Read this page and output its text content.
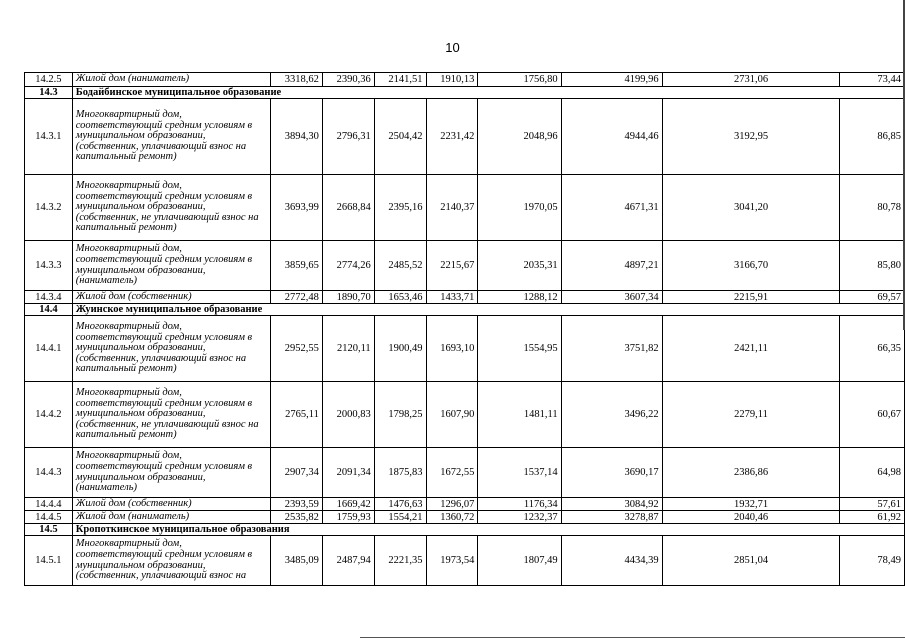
10
14.2.5	Жилой дом (наниматель)	3318,62	2390,36	2141,51	1910,13	1756,80	4199,96	2731,06	73,44
14.3	Бодайбинское муниципальное образование								
14.3.1	Многоквартирный дом, соответствующий средним условиям в муниципальном образовании, (собственник, уплачивающий взнос на капитальный ремонт)	3894,30	2796,31	2504,42	2231,42	2048,96	4944,46	3192,95	86,85
14.3.2	Многоквартирный дом, соответствующий средним условиям в муниципальном образовании, (собственник, не уплачивающий взнос на капитальный ремонт)	3693,99	2668,84	2395,16	2140,37	1970,05	4671,31	3041,20	80,78
14.3.3	Многоквартирный дом, соответствующий средним условиям в муниципальном образовании, (наниматель)	3859,65	2774,26	2485,52	2215,67	2035,31	4897,21	3166,70	85,80
14.3.4	Жилой дом (собственник)	2772,48	1890,70	1653,46	1433,71	1288,12	3607,34	2215,91	69,57
14.4	Жуинское муниципальное образование								
14.4.1	Многоквартирный дом, соответствующий средним условиям в муниципальном образовании, (собственник, уплачивающий взнос на капитальный ремонт)	2952,55	2120,11	1900,49	1693,10	1554,95	3751,82	2421,11	66,35
14.4.2	Многоквартирный дом, соответствующий средним условиям в муниципальном образовании, (собственник, не уплачивающий взнос на капитальный ремонт)	2765,11	2000,83	1798,25	1607,90	1481,11	3496,22	2279,11	60,67
14.4.3	Многоквартирный дом, соответствующий средним условиям в муниципальном образовании, (наниматель)	2907,34	2091,34	1875,83	1672,55	1537,14	3690,17	2386,86	64,98
14.4.4	Жилой дом (собственник)	2393,59	1669,42	1476,63	1296,07	1176,34	3084,92	1932,71	57,61
14.4.5	Жилой дом (наниматель)	2535,82	1759,93	1554,21	1360,72	1232,37	3278,87	2040,46	61,92
14.5	Кропоткинское муниципальное образования								
14.5.1	Многоквартирный дом, соответствующий средним условиям в муниципальном образовании, (собственник, уплачивающий взнос на	3485,09	2487,94	2221,35	1973,54	1807,49	4434,39	2851,04	78,49
